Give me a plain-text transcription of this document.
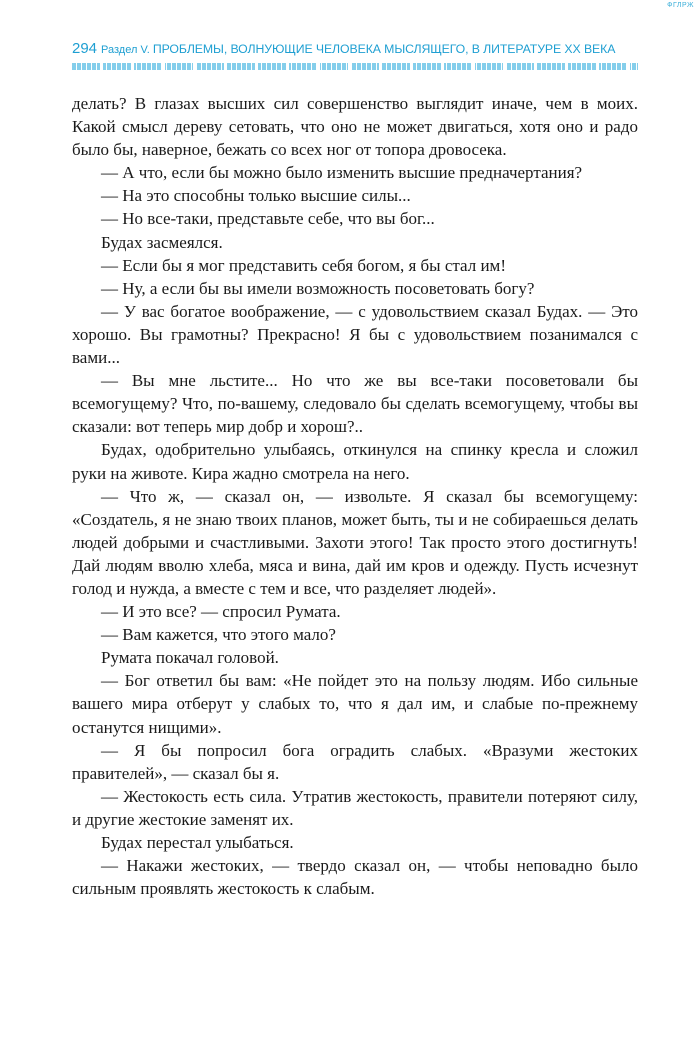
ФГЛРЖ
294 Раздел V. ПРОБЛЕМЫ, ВОЛНУЮЩИЕ ЧЕЛОВЕКА МЫСЛЯЩЕГО, В ЛИТЕРАТУРЕ XX ВЕКА

делать? В глазах высших сил совершенство выглядит иначе, чем в моих. Какой смысл дереву сетовать, что оно не может двигаться, хотя оно и радо было бы, наверное, бежать со всех ног от топора дровосека.

— А что, если бы можно было изменить высшие предначертания?

— На это способны только высшие силы...

— Но все-таки, представьте себе, что вы бог...

Будах засмеялся.

— Если бы я мог представить себя богом, я бы стал им!

— Ну, а если бы вы имели возможность посоветовать богу?

— У вас богатое воображение, — с удовольствием сказал Будах. — Это хорошо. Вы грамотны? Прекрасно! Я бы с удовольствием позанимался с вами...

— Вы мне льстите... Но что же вы все-таки посоветовали бы всемогущему? Что, по-вашему, следовало бы сделать всемогущему, чтобы вы сказали: вот теперь мир добр и хорош?..

Будах, одобрительно улыбаясь, откинулся на спинку кресла и сложил руки на животе. Кира жадно смотрела на него.

— Что ж, — сказал он, — извольте. Я сказал бы всемогущему: «Создатель, я не знаю твоих планов, может быть, ты и не собираешься делать людей добрыми и счастливыми. Захоти этого! Так просто этого достигнуть! Дай людям вволю хлеба, мяса и вина, дай им кров и одежду. Пусть исчезнут голод и нужда, а вместе с тем и все, что разделяет людей».

— И это все? — спросил Румата.

— Вам кажется, что этого мало?

Румата покачал головой.

— Бог ответил бы вам: «Не пойдет это на пользу людям. Ибо сильные вашего мира отберут у слабых то, что я дал им, и слабые по-прежнему останутся нищими».

— Я бы попросил бога оградить слабых. «Вразуми жестоких правителей», — сказал бы я.

— Жестокость есть сила. Утратив жестокость, правители потеряют силу, и другие жестокие заменят их.

Будах перестал улыбаться.

— Накажи жестоких, — твердо сказал он, — чтобы неповадно было сильным проявлять жестокость к слабым.
